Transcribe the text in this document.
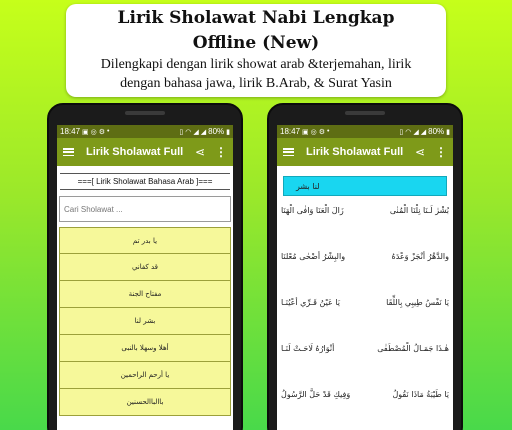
Lirik Sholawat Nabi Lengkap
Offline (New)
Dilengkapi dengan lirik showat arab &terjemahan, lirik
dengan bahasa jawa, lirik B.Arab, & Surat Yasin
18:47 ▣ ◎ ⚙ •	▯ ◠ ◢ ◢ 80% ▮
Lirik Sholawat Full ⋖ ⋮
===[ Lirik Sholawat Bahasa Arab ]===
Cari Sholawat ...
يا بدر تم
قد كفاني
مفتاح الجنة
بشر لنا
أهلا وسهلا بالنبى
يا أرحم الراحمين
باالباالحسنين
18:47 ▣ ◎ ⚙ •	▯ ◠ ◢ ◢ 80% ▮
Lirik Sholawat Full ⋖ ⋮
لنا بشر
زَالَ الْعَنَا وَافٰى الْهَنَا	بُشْرٰ لَـنَا نِلْنَا الْمُنٰى
والبِشْرُ أضْحٰى مُعْلنَا	والدَّهْرُ أنْجَزْ وَعْدَهُ
يَا عَيْنُ قَـرِّي أعْيُنَـا	يَا نَفْسُ طِيبِي بِاللِّقَا
أنْوَارُهُ لَاحَـتْ لَنَـا	هٰـذَا جَمَـالُ الْمُصْطَفٰى
وَفِيكِ قَدْ حَلَّ الرَّسُولُ	يَا طَيْبَةُ مَاذَا نَقُولُ
